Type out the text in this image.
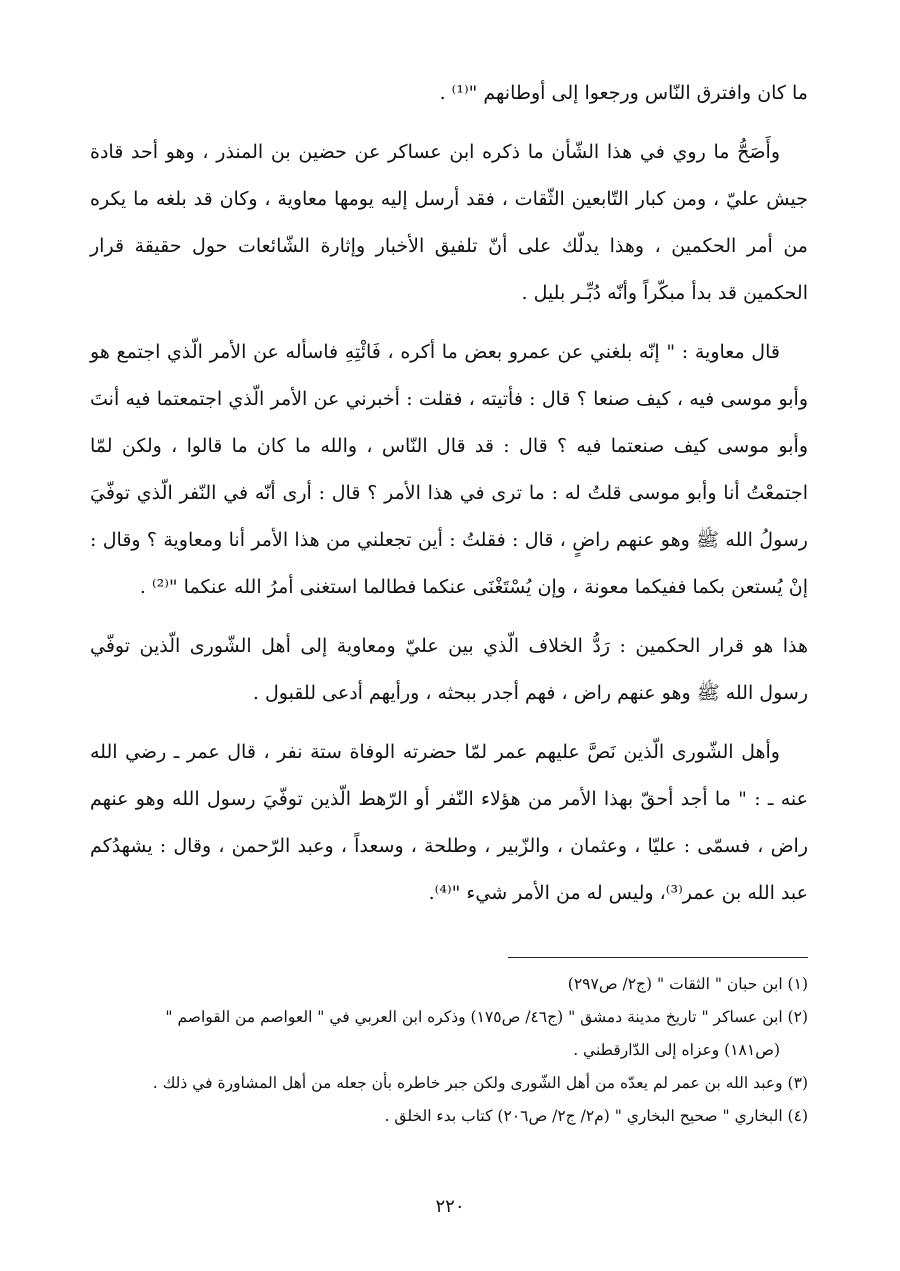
ما كان وافترق النّاس ورجعوا إلى أوطانهم "⁽¹⁾ .

وأَصَحُّ ما روي في هذا الشّأن ما ذكره ابن عساكر عن حضين بن المنذر ، وهو أحد قادة جيش عليّ ، ومن كبار التّابعين الثّقات ، فقد أرسل إليه يومها معاوية ، وكان قد بلغه ما يكره من أمر الحكمين ، وهذا يدلّك على أنّ تلفيق الأخبار وإثارة الشّائعات حول حقيقة قرار الحكمين قد بدأ مبكّراً وأنّه دُبِّـر بليل .

قال معاوية : " إنّه بلغني عن عمرو بعض ما أكره ، فَائْتِهِ فاسأله عن الأمر الّذي اجتمع هو وأبو موسى فيه ، كيف صنعا ؟ قال : فأتيته ، فقلت : أخبرني عن الأمر الّذي اجتمعتما فيه أنتَ وأبو موسى كيف صنعتما فيه ؟ قال : قد قال النّاس ، والله ما كان ما قالوا ، ولكن لمّا اجتمعْتُ أنا وأبو موسى قلتُ له : ما ترى في هذا الأمر ؟ قال : أرى أنّه في النّفر الّذي توفّيَ رسولُ الله ﷺ وهو عنهم راضٍ ، قال : فقلتُ : أين تجعلني من هذا الأمر أنا ومعاوية ؟ وقال : إنْ يُستعن بكما ففيكما معونة ، وإن يُسْتَغْنَى عنكما فطالما استغنى أمرُ الله عنكما "⁽²⁾ .

هذا هو قرار الحكمين : رَدُّ الخلاف الّذي بين عليّ ومعاوية إلى أهل الشّورى الّذين توفّي رسول الله ﷺ وهو عنهم راض ، فهم أجدر ببحثه ، ورأيهم أدعى للقبول .

وأهل الشّورى الّذين نَصَّ عليهم عمر لمّا حضرته الوفاة ستة نفر ، قال عمر ـ رضي الله عنه ـ : " ما أجد أحقّ بهذا الأمر من هؤلاء النّفر أو الرّهط الّذين توفّيَ رسول الله وهو عنهم راض ، فسمّى : عليّا ، وعثمان ، والزّبير ، وطلحة ، وسعداً ، وعبد الرّحمن ، وقال : يشهدُكم عبد الله بن عمر⁽³⁾، وليس له من الأمر شيء "⁽⁴⁾.

(١) ابن حبان " الثقات " (ج٢/ ص٢٩٧)

(٢) ابن عساكر " تاريخ مدينة دمشق " (ج٤٦/ ص١٧٥) وذكره ابن العربي في " العواصم من القواصم "

(ص١٨١) وعزاه إلى الدّارقطني .

(٣) وعبد الله بن عمر لم يعدّه من أهل الشّورى ولكن جبر خاطره بأن جعله من أهل المشاورة في ذلك .

(٤) البخاري " صحيح البخاري " (م٢/ ج٢/ ص٢٠٦) كتاب بدء الخلق .

٢٢٠
